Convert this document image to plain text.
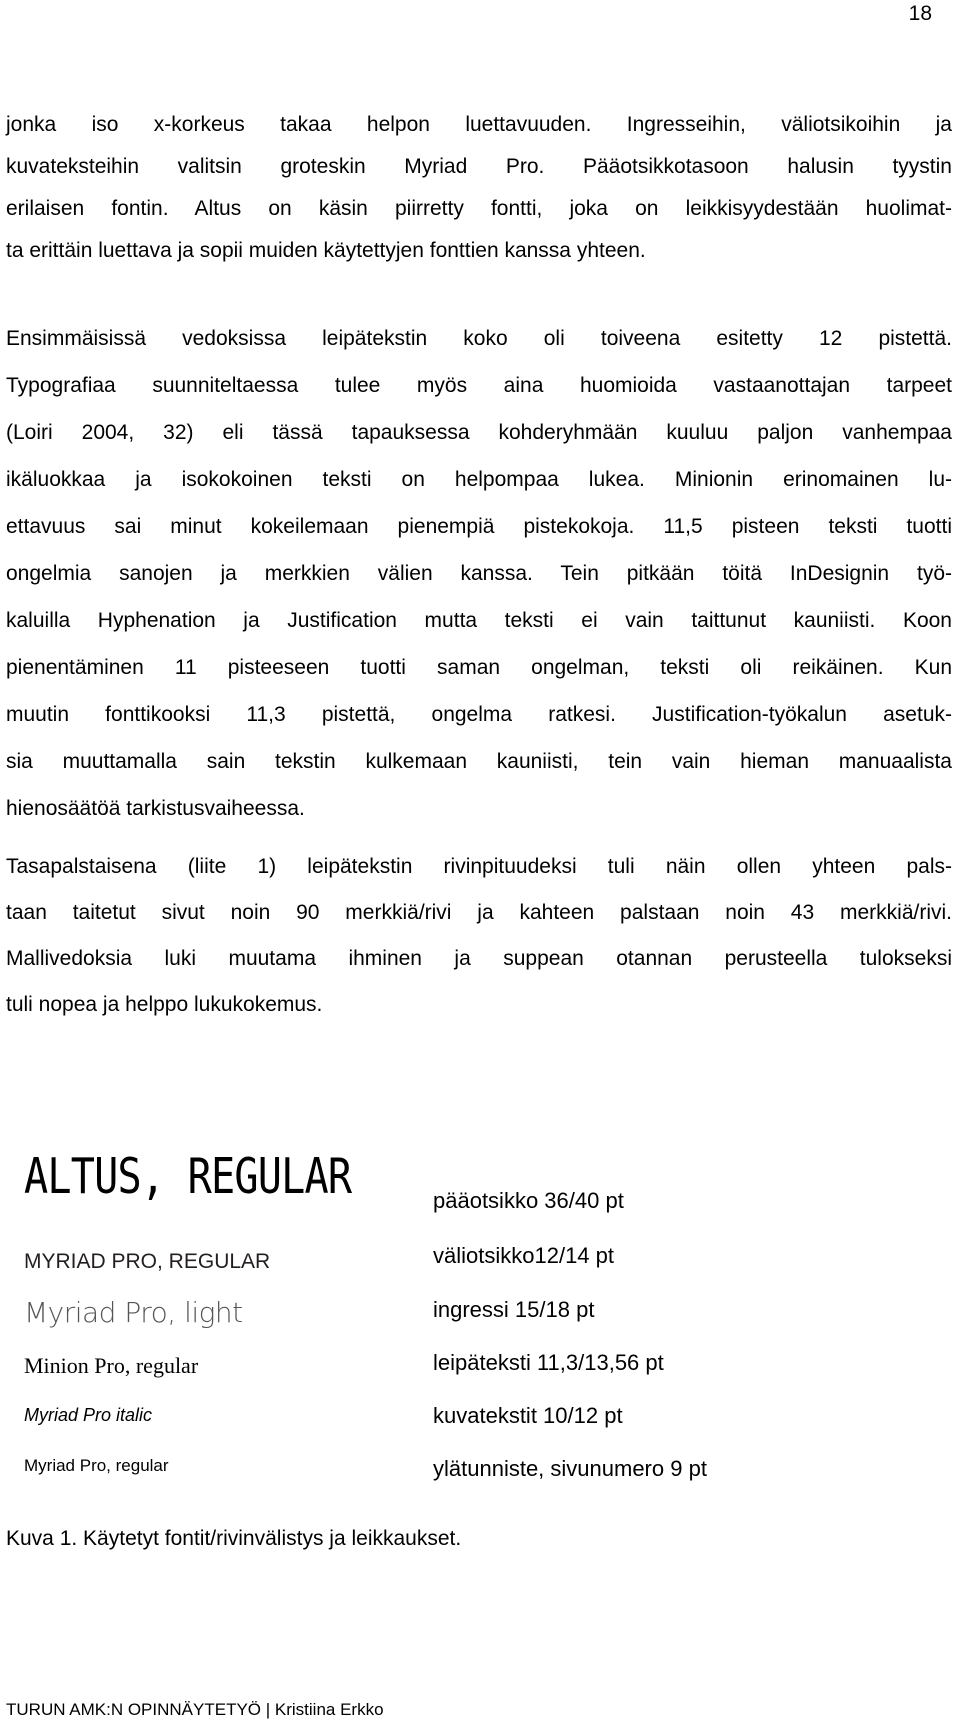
18
jonka iso x-korkeus takaa helpon luettavuuden. Ingresseihin, väliotsikoihin ja
kuvateksteihin valitsin groteskin Myriad Pro. Pääotsikkotasoon halusin tyystin
erilaisen fontin. Altus on käsin piirretty fontti, joka on leikkisyydestään huolimat-
ta erittäin luettava ja sopii muiden käytettyjen fonttien kanssa yhteen.
Ensimmäisissä vedoksissa leipätekstin koko oli toiveena esitetty 12 pistettä.
Typografiaa suunniteltaessa tulee myös aina huomioida vastaanottajan tarpeet
(Loiri 2004, 32) eli tässä tapauksessa kohderyhmään kuuluu paljon vanhempaa
ikäluokkaa ja isokokoinen teksti on helpompaa lukea. Minionin erinomainen lu-
ettavuus sai minut kokeilemaan pienempiä pistekokoja. 11,5 pisteen teksti tuotti
ongelmia sanojen ja merkkien välien kanssa. Tein pitkään töitä InDesignin työ-
kaluilla Hyphenation ja Justification mutta teksti ei vain taittunut kauniisti. Koon
pienentäminen 11 pisteeseen tuotti saman ongelman, teksti oli reikäinen. Kun
muutin fonttikooksi 11,3 pistettä, ongelma ratkesi. Justification-työkalun asetuk-
sia muuttamalla sain tekstin kulkemaan kauniisti, tein vain hieman manuaalista
hienosäätöä tarkistusvaiheessa.
Tasapalstaisena (liite 1) leipätekstin rivinpituudeksi tuli näin ollen yhteen pals-
taan taitetut sivut noin 90 merkkiä/rivi ja kahteen palstaan noin 43 merkkiä/rivi.
Mallivedoksia luki muutama ihminen ja suppean otannan perusteella tulokseksi
tuli nopea ja helppo lukukokemus.
ALTUS, REGULAR
MYRIAD PRO, REGULAR
Myriad Pro, light
Minion Pro, regular
Myriad Pro italic
Myriad Pro, regular
pääotsikko 36/40 pt
väliotsikko12/14 pt
ingressi 15/18 pt
leipäteksti 11,3/13,56 pt
kuvatekstit 10/12 pt
ylätunniste, sivunumero 9 pt
Kuva 1. Käytetyt fontit/rivinvälistys ja leikkaukset.
TURUN AMK:N OPINNÄYTETYÖ | Kristiina Erkko
